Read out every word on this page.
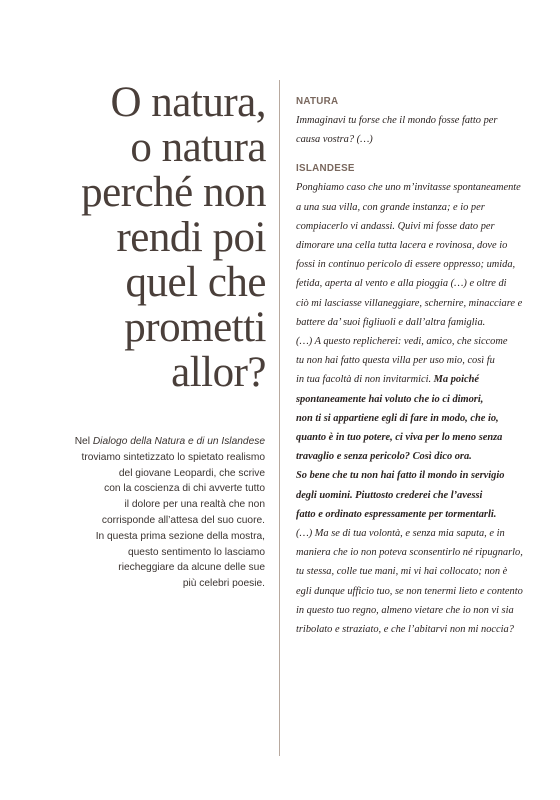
O natura,
o natura
perché non
rendi poi
quel che
prometti
allor?
Nel Dialogo della Natura e di un Islandese
troviamo sintetizzato lo spietato realismo
del giovane Leopardi, che scrive
con la coscienza di chi avverte tutto
il dolore per una realtà che non
corrisponde all’attesa del suo cuore.
In questa prima sezione della mostra,
questo sentimento lo lasciamo
riecheggiare da alcune delle sue
più celebri poesie.

NATURA

Immaginavi tu forse che il mondo fosse fatto per
causa vostra? (…)

ISLANDESE

Ponghiamo caso che uno m’invitasse spontaneamente
a una sua villa, con grande instanza; e io per
compiacerlo vi andassi. Quivi mi fosse dato per
dimorare una cella tutta lacera e rovinosa, dove io
fossi in continuo pericolo di essere oppresso; umida,
fetida, aperta al vento e alla pioggia (…) e oltre di
ciò mi lasciasse villaneggiare, schernire, minacciare e
battere da’ suoi figliuoli e dall’altra famiglia.
(…) A questo replicherei: vedi, amico, che siccome
tu non hai fatto questa villa per uso mio, così fu
in tua facoltà di non invitarmici. Ma poiché
spontaneamente hai voluto che io ci dimori,
non ti si appartiene egli di fare in modo, che io,
quanto è in tuo potere, ci viva per lo meno senza
travaglio e senza pericolo? Così dico ora.
So bene che tu non hai fatto il mondo in servigio
degli uomini. Piuttosto crederei che l’avessi
fatto e ordinato espressamente per tormentarli.
(…) Ma se di tua volontà, e senza mia saputa, e in
maniera che io non poteva sconsentirlo né ripugnarlo,
tu stessa, colle tue mani, mi vi hai collocato; non è
egli dunque ufficio tuo, se non tenermi lieto e contento
in questo tuo regno, almeno vietare che io non vi sia
tribolato e straziato, e che l’abitarvi non mi noccia?
